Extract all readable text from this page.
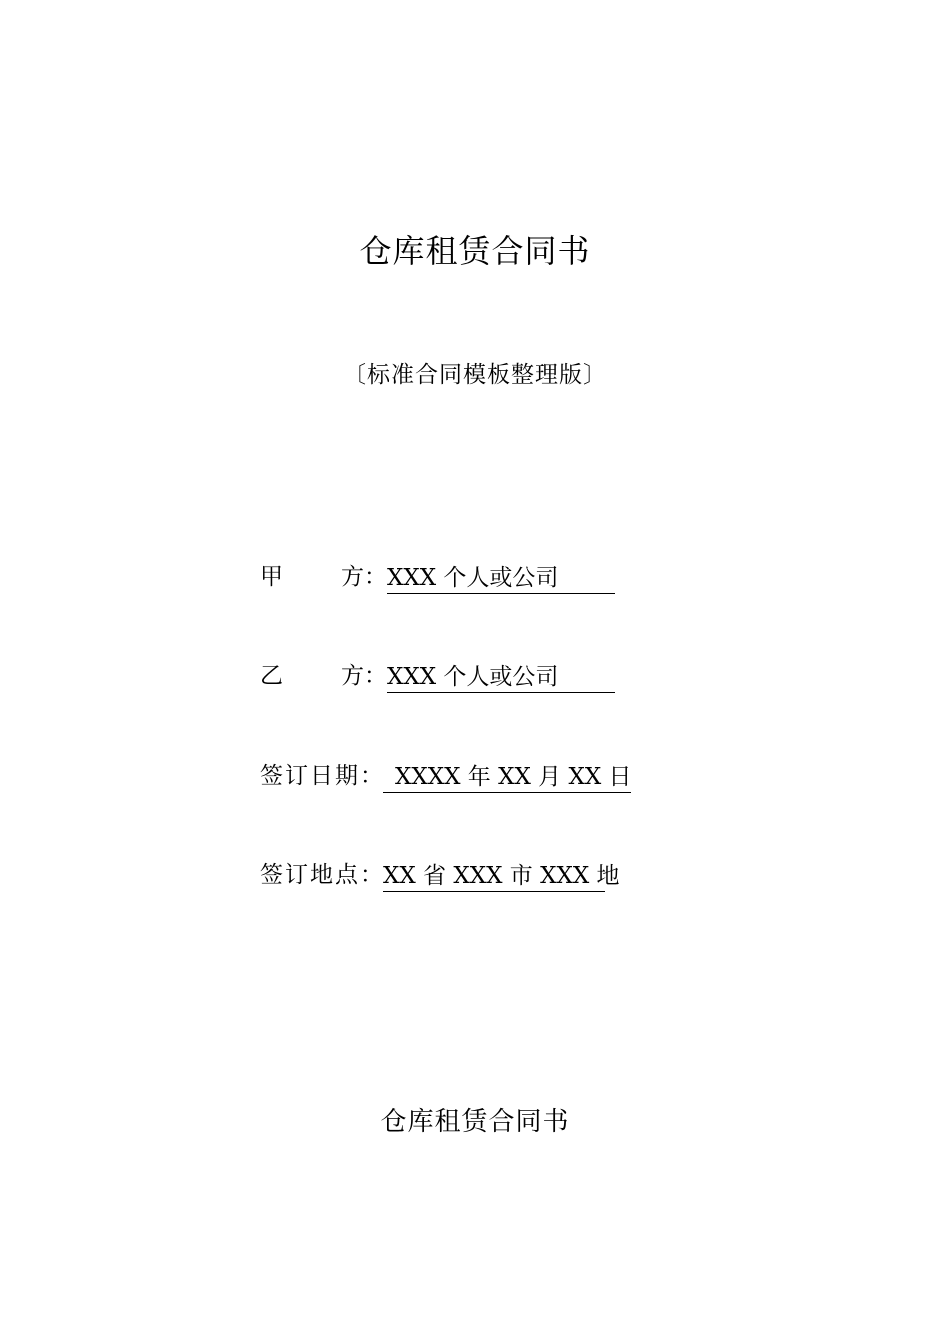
仓库租赁合同书
〔标准合同模板整理版〕
甲	方 ： XXX 个人或公司
乙	方 ： XXX 个人或公司
签订日期 ： XXXX 年 XX 月 XX 日
签订地点 ： XX 省 XXX 市 XXX 地
仓库租赁合同书
